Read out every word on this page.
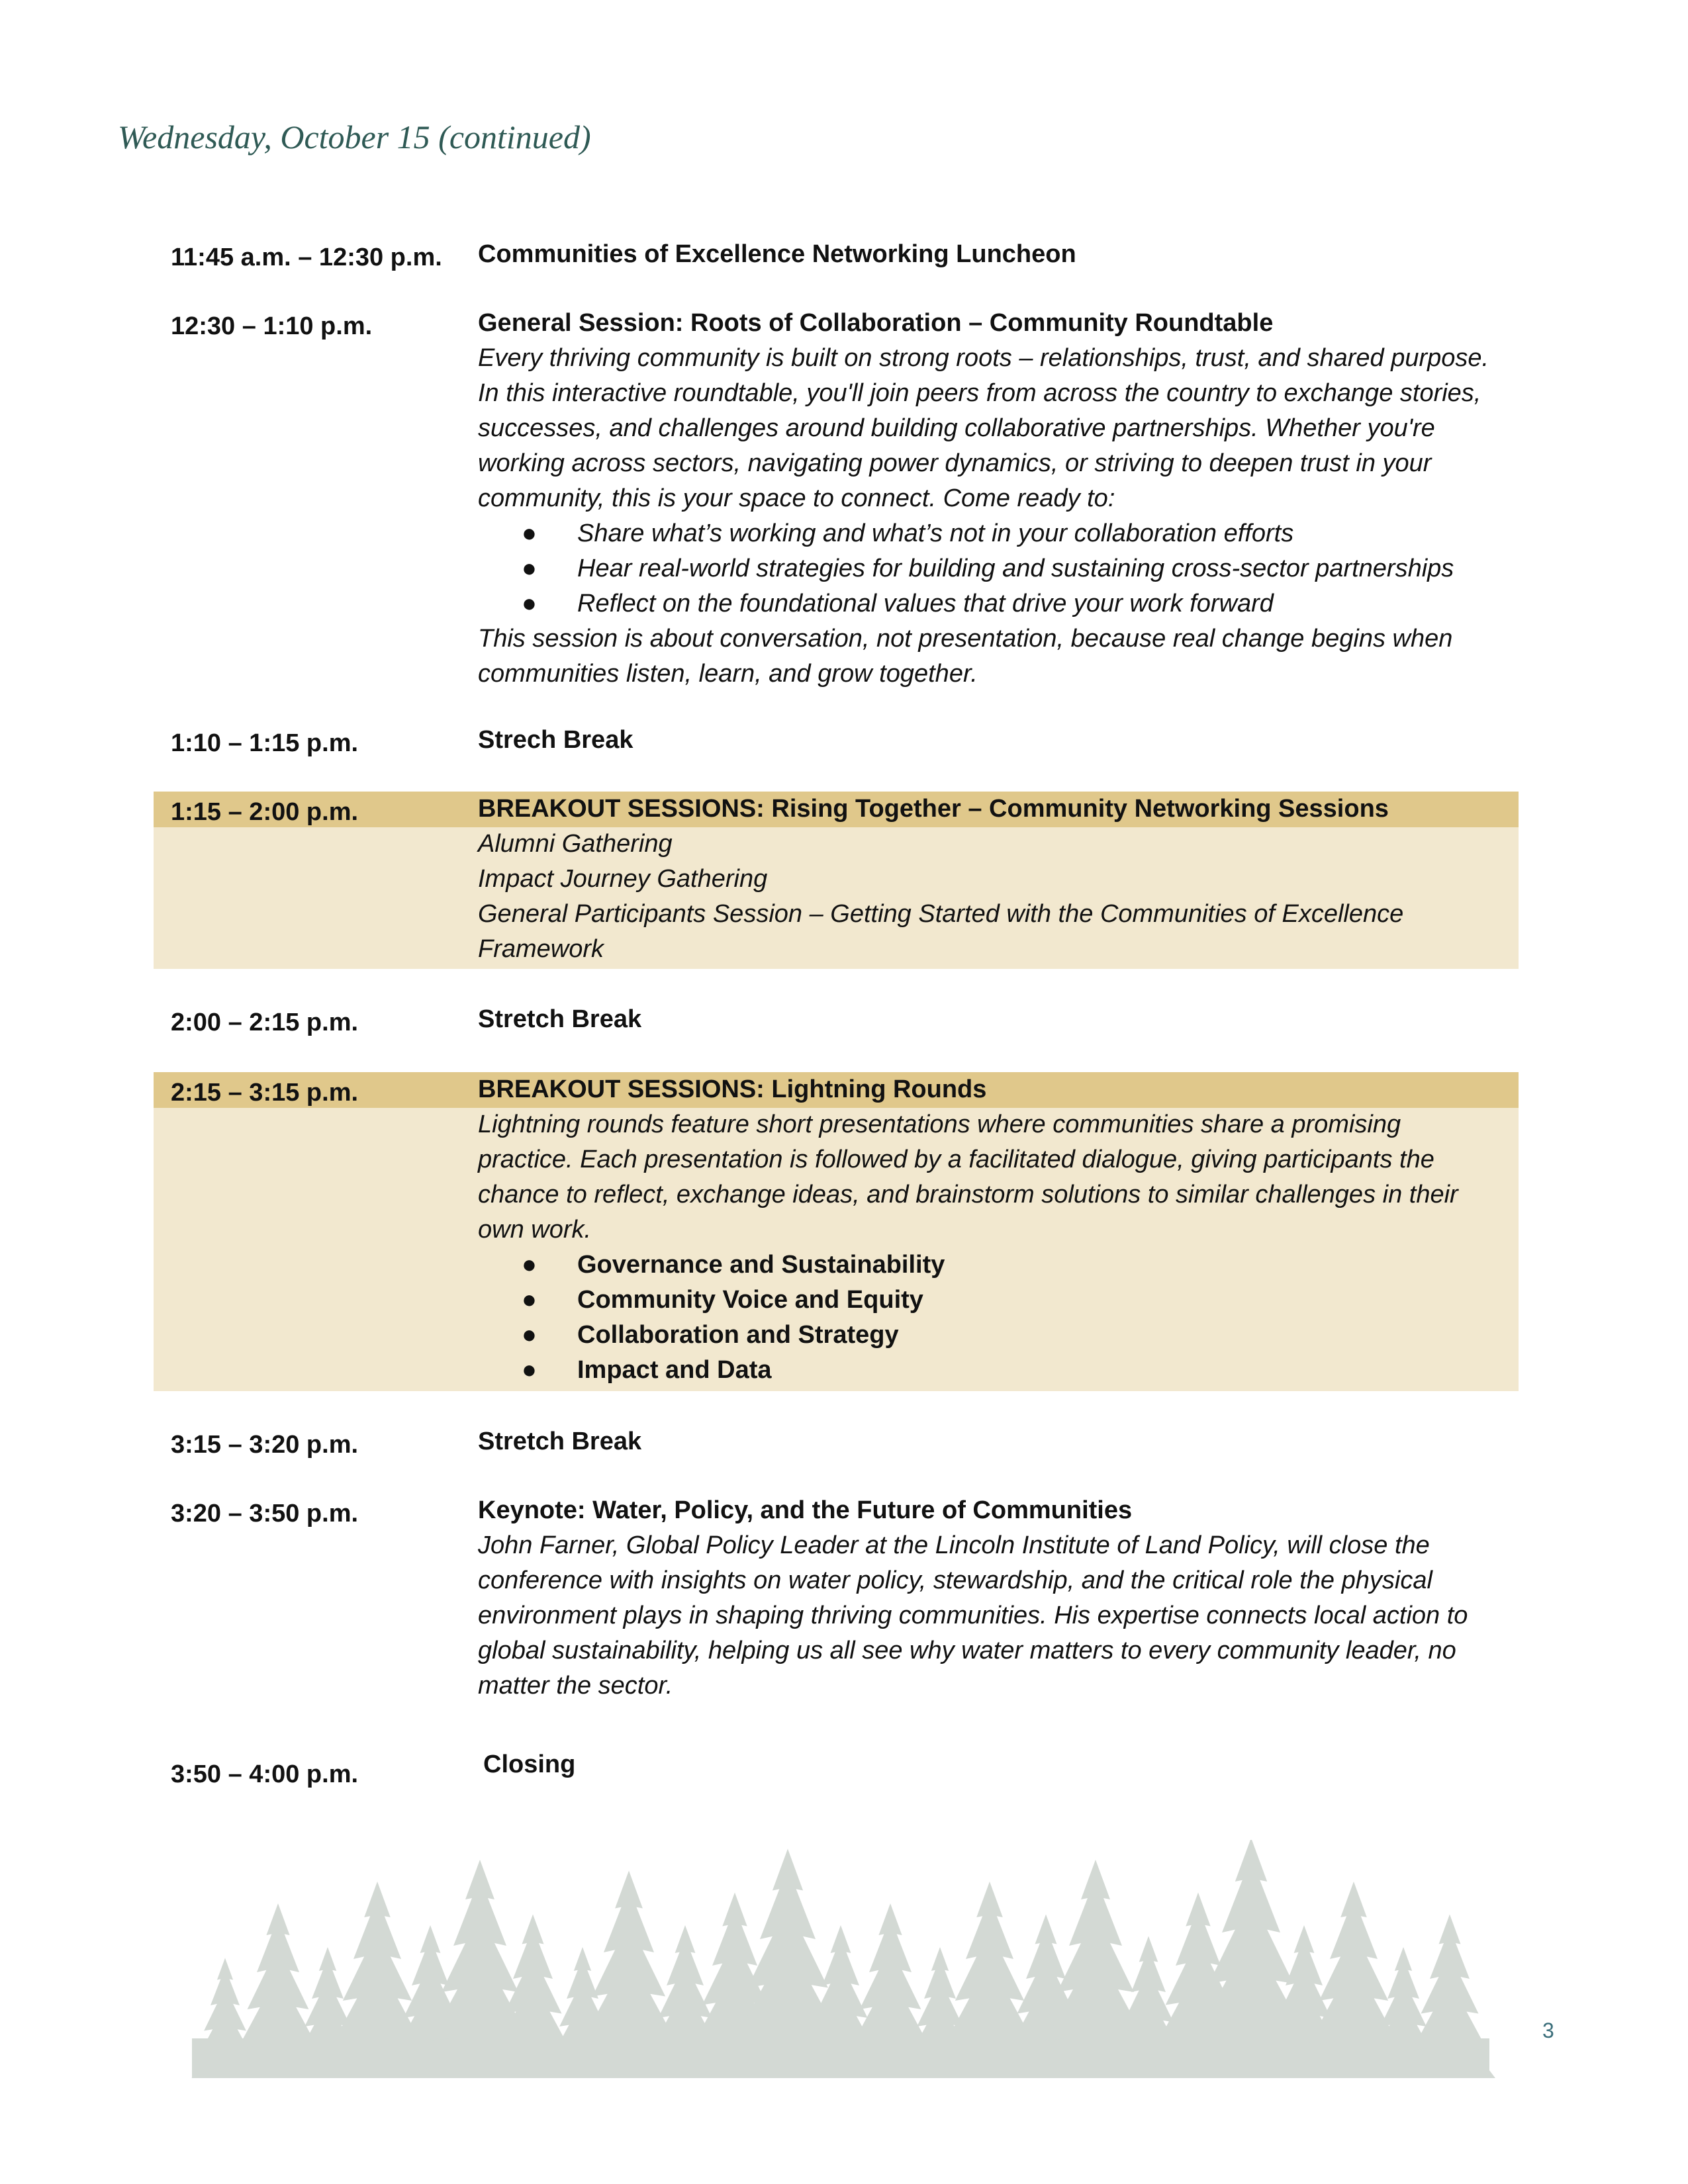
Wednesday, October 15 (continued)
11:45 a.m. – 12:30 p.m. Communities of Excellence Networking Luncheon
12:30 – 1:10 p.m.	General Session: Roots of Collaboration – Community Roundtable
Every thriving community is built on strong roots – relationships, trust, and shared purpose.
In this interactive roundtable, you'll join peers from across the country to exchange stories,
successes, and challenges around building collaborative partnerships. Whether you're
working across sectors, navigating power dynamics, or striving to deepen trust in your
community, this is your space to connect. Come ready to:
● Share what’s working and what’s not in your collaboration efforts
● Hear real-world strategies for building and sustaining cross-sector partnerships
● Reflect on the foundational values that drive your work forward
This session is about conversation, not presentation, because real change begins when
communities listen, learn, and grow together.
1:10 – 1:15 p.m.	Strech Break
1:15 – 2:00 p.m.	BREAKOUT SESSIONS: Rising Together – Community Networking Sessions
Alumni Gathering
Impact Journey Gathering
General Participants Session – Getting Started with the Communities of Excellence
Framework
2:00 – 2:15 p.m.	Stretch Break
2:15 – 3:15 p.m.	BREAKOUT SESSIONS: Lightning Rounds
Lightning rounds feature short presentations where communities share a promising
practice. Each presentation is followed by a facilitated dialogue, giving participants the
chance to reflect, exchange ideas, and brainstorm solutions to similar challenges in their
own work.
● Governance and Sustainability
● Community Voice and Equity
● Collaboration and Strategy
● Impact and Data
3:15 – 3:20 p.m.	Stretch Break
3:20 – 3:50 p.m.	Keynote: Water, Policy, and the Future of Communities
John Farner, Global Policy Leader at the Lincoln Institute of Land Policy, will close the
conference with insights on water policy, stewardship, and the critical role the physical
environment plays in shaping thriving communities. His expertise connects local action to
global sustainability, helping us all see why water matters to every community leader, no
matter the sector.
3:50 – 4:00 p.m.	Closing
3
